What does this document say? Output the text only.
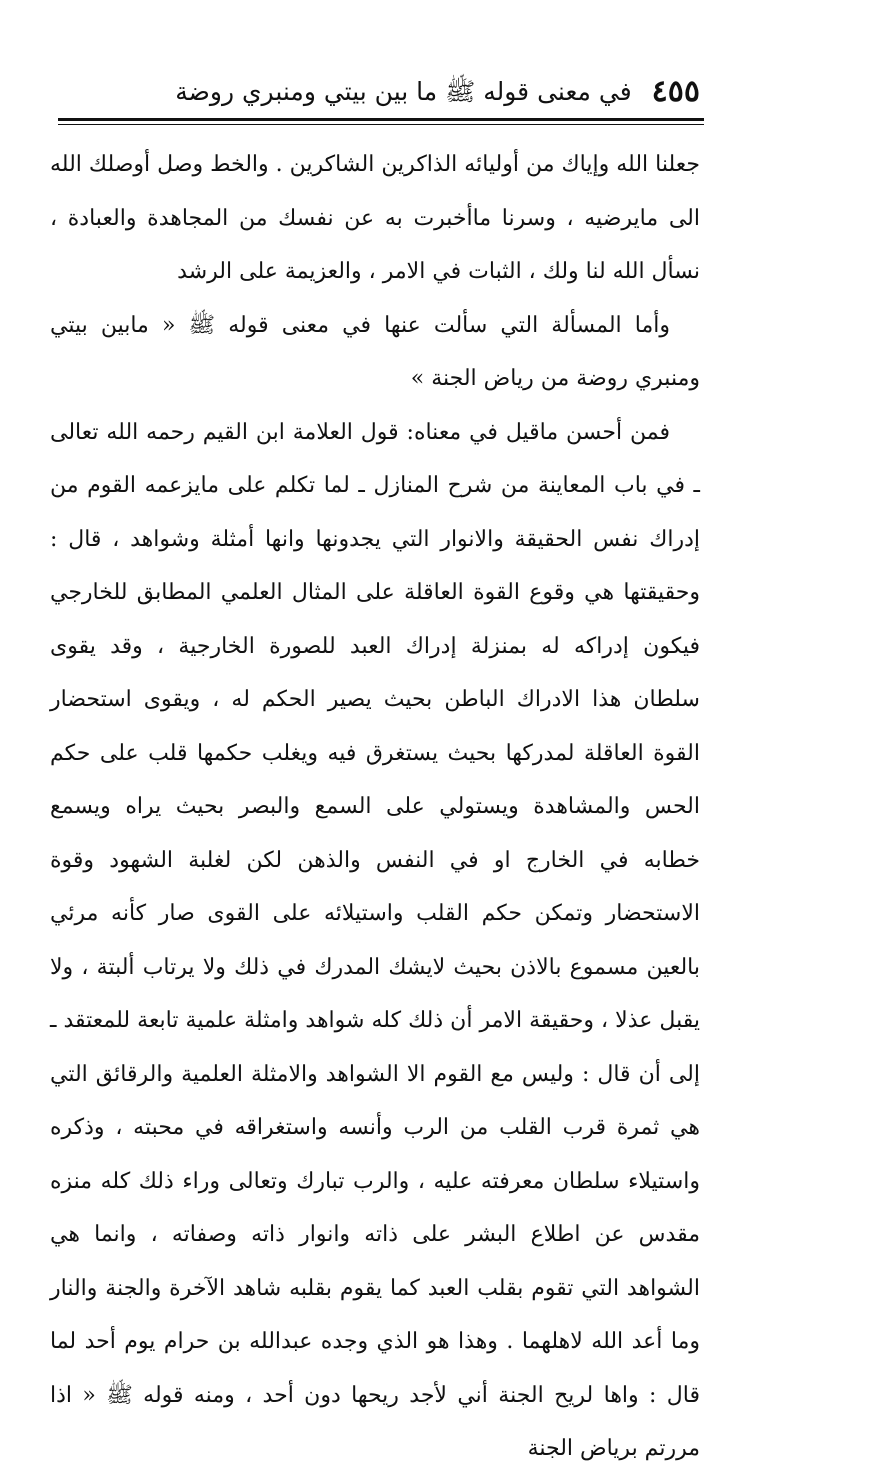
٤٥٥
في معنى قوله ﷺ ما بين بيتي ومنبري روضة

جعلنا الله وإياك من أوليائه الذاكرين الشاكرين . والخط وصل أوصلك الله الى مايرضيه ، وسرنا ماأخبرت به عن نفسك من المجاهدة والعبادة ، نسأل الله لنا ولك ، الثبات في الامر ، والعزيمة على الرشد

وأما المسألة التي سألت عنها في معنى قوله ﷺ « مابين بيتي ومنبري روضة من رياض الجنة »

فمن أحسن ماقيل في معناه: قول العلامة ابن القيم رحمه الله تعالى ـ في باب المعاينة من شرح المنازل ـ لما تكلم على مايزعمه القوم من إدراك نفس الحقيقة والانوار التي يجدونها وانها أمثلة وشواهد ، قال : وحقيقتها هي وقوع القوة العاقلة على المثال العلمي المطابق للخارجي فيكون إدراكه له بمنزلة إدراك العبد للصورة الخارجية ، وقد يقوى سلطان هذا الادراك الباطن بحيث يصير الحكم له ، ويقوى استحضار القوة العاقلة لمدركها بحيث يستغرق فيه ويغلب حكمها قلب على حكم الحس والمشاهدة ويستولي على السمع والبصر بحيث يراه ويسمع خطابه في الخارج او في النفس والذهن لكن لغلبة الشهود وقوة الاستحضار وتمكن حكم القلب واستيلائه على القوى صار كأنه مرئي بالعين مسموع بالاذن بحيث لايشك المدرك في ذلك ولا يرتاب ألبتة ، ولا يقبل عذلا ، وحقيقة الامر أن ذلك كله شواهد وامثلة علمية تابعة للمعتقد ـ إلى أن قال : وليس مع القوم الا الشواهد والامثلة العلمية والرقائق التي هي ثمرة قرب القلب من الرب وأنسه واستغراقه في محبته ، وذكره واستيلاء سلطان معرفته عليه ، والرب تبارك وتعالى وراء ذلك كله منزه مقدس عن اطلاع البشر على ذاته وانوار ذاته وصفاته ، وانما هي الشواهد التي تقوم بقلب العبد كما يقوم بقلبه شاهد الآخرة والجنة والنار وما أعد الله لاهلهما . وهذا هو الذي وجده عبدالله بن حرام يوم أحد لما قال : واها لريح الجنة أني لأجد ريحها دون أحد ، ومنه قوله ﷺ « اذا مررتم برياض الجنة
